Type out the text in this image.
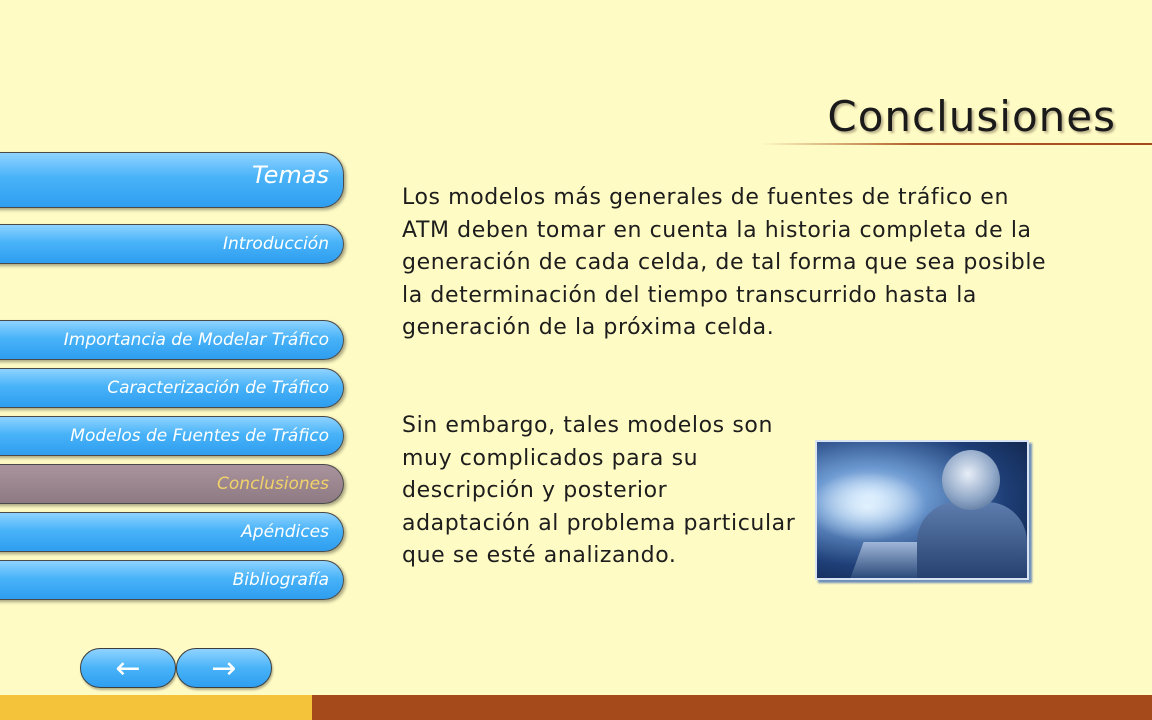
Conclusiones
Temas
Introducción
Importancia de Modelar Tráfico
Caracterización de Tráfico
Modelos de Fuentes de Tráfico
Conclusiones
Apéndices
Bibliografía
Los modelos más generales de fuentes de tráfico en ATM deben tomar en cuenta la historia completa de la generación de cada celda, de tal forma que sea posible la determinación del tiempo transcurrido hasta la generación de la próxima celda.
Sin embargo, tales modelos son muy complicados para su descripción y posterior adaptación al problema particular que se esté analizando.
← →
